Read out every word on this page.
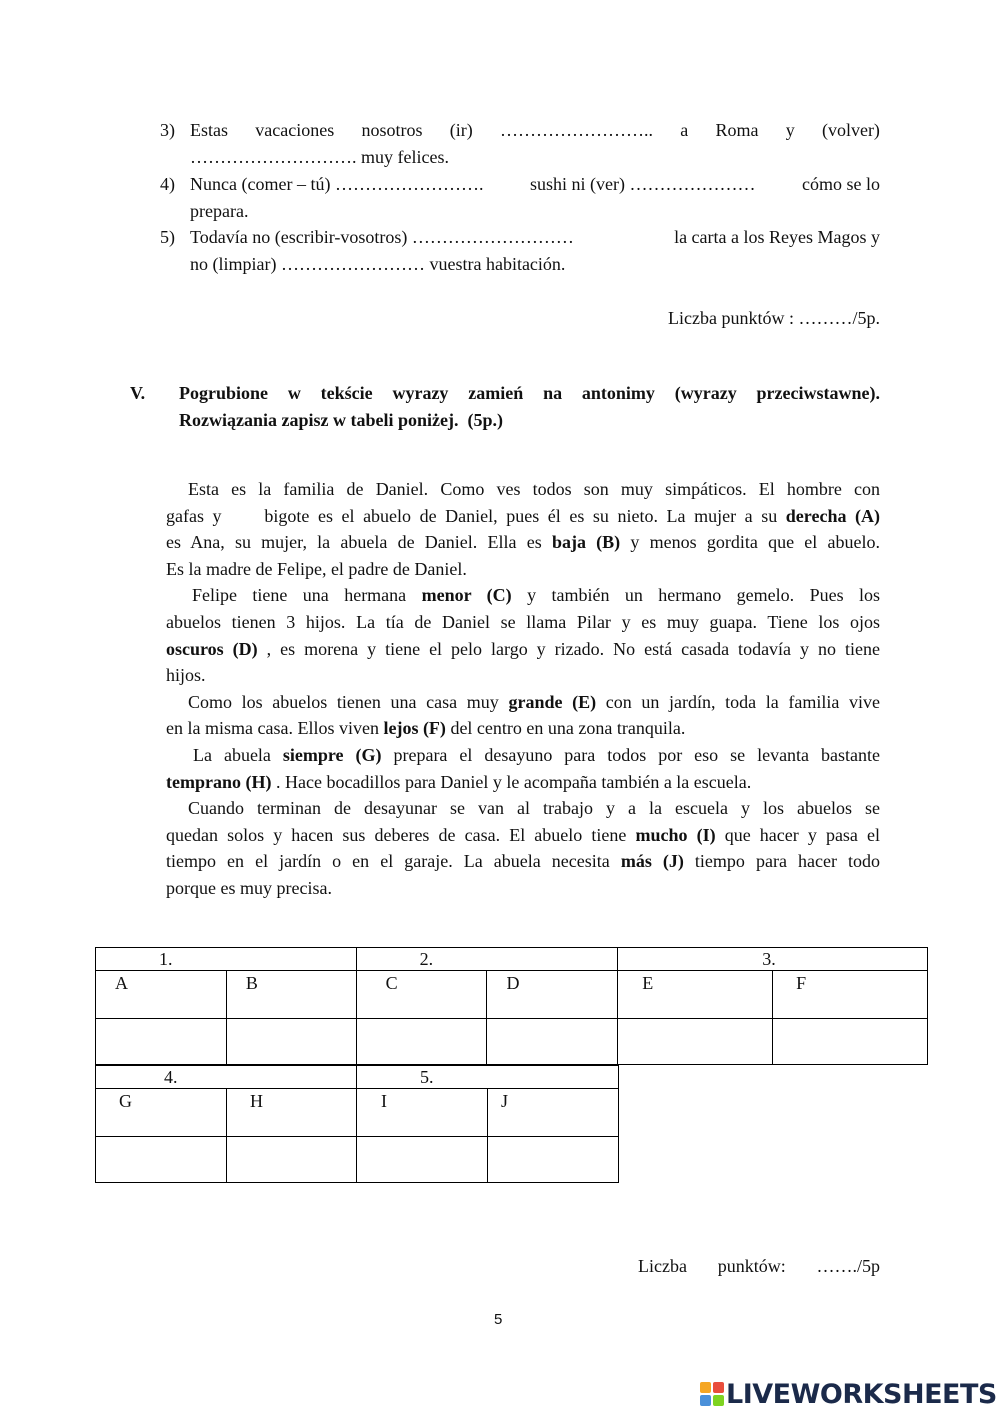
3) Estas vacaciones nosotros (ir) …………………….. a Roma y (volver)
………………………. muy felices.
4) Nunca (comer – tú) …………………….	sushi ni (ver) …………………	cómo se lo
prepara.
5) Todavía no (escribir-vosotros) ………………………	la carta a los Reyes Magos y
no (limpiar) …………………… vuestra habitación.
Liczba punktów : ………/5p.
V. Pogrubione w tekście wyrazy zamień na antonimy (wyrazy przeciwstawne).
Rozwiązania zapisz w tabeli poniżej.  (5p.)
Esta es la familia de Daniel. Como ves todos son muy simpáticos. El hombre con
gafas y bigote es el abuelo de Daniel, pues él es su nieto. La mujer a su derecha (A)
es Ana, su mujer, la abuela de Daniel. Ella es baja (B) y menos gordita que el abuelo.
Es la madre de Felipe, el padre de Daniel.
Felipe tiene una hermana menor (C) y también un hermano gemelo. Pues los
abuelos tienen 3 hijos. La tía de Daniel se llama Pilar y es muy guapa. Tiene los ojos
oscuros (D) , es morena y tiene el pelo largo y rizado. No está casada todavía y no tiene
hijos.
Como los abuelos tienen una casa muy grande (E) con un jardín, toda la familia vive
en la misma casa. Ellos viven lejos (F) del centro en una zona tranquila.
La abuela siempre (G) prepara el desayuno para todos por eso se levanta bastante
temprano (H) . Hace bocadillos para Daniel y le acompaña también a la escuela.
Cuando terminan de desayunar se van al trabajo y a la escuela y los abuelos se
quedan solos y hacen sus deberes de casa. El abuelo tiene mucho (I) que hacer y pasa el
tiempo en el jardín o en el garaje. La abuela necesita más (J) tiempo para hacer todo
porque es muy precisa.
1.		2.		3.	
A	B	C	D	E	F

4.		5.	
G	H	I	J

Liczba punktów: ……./5p
5
LIVEWORKSHEETS
